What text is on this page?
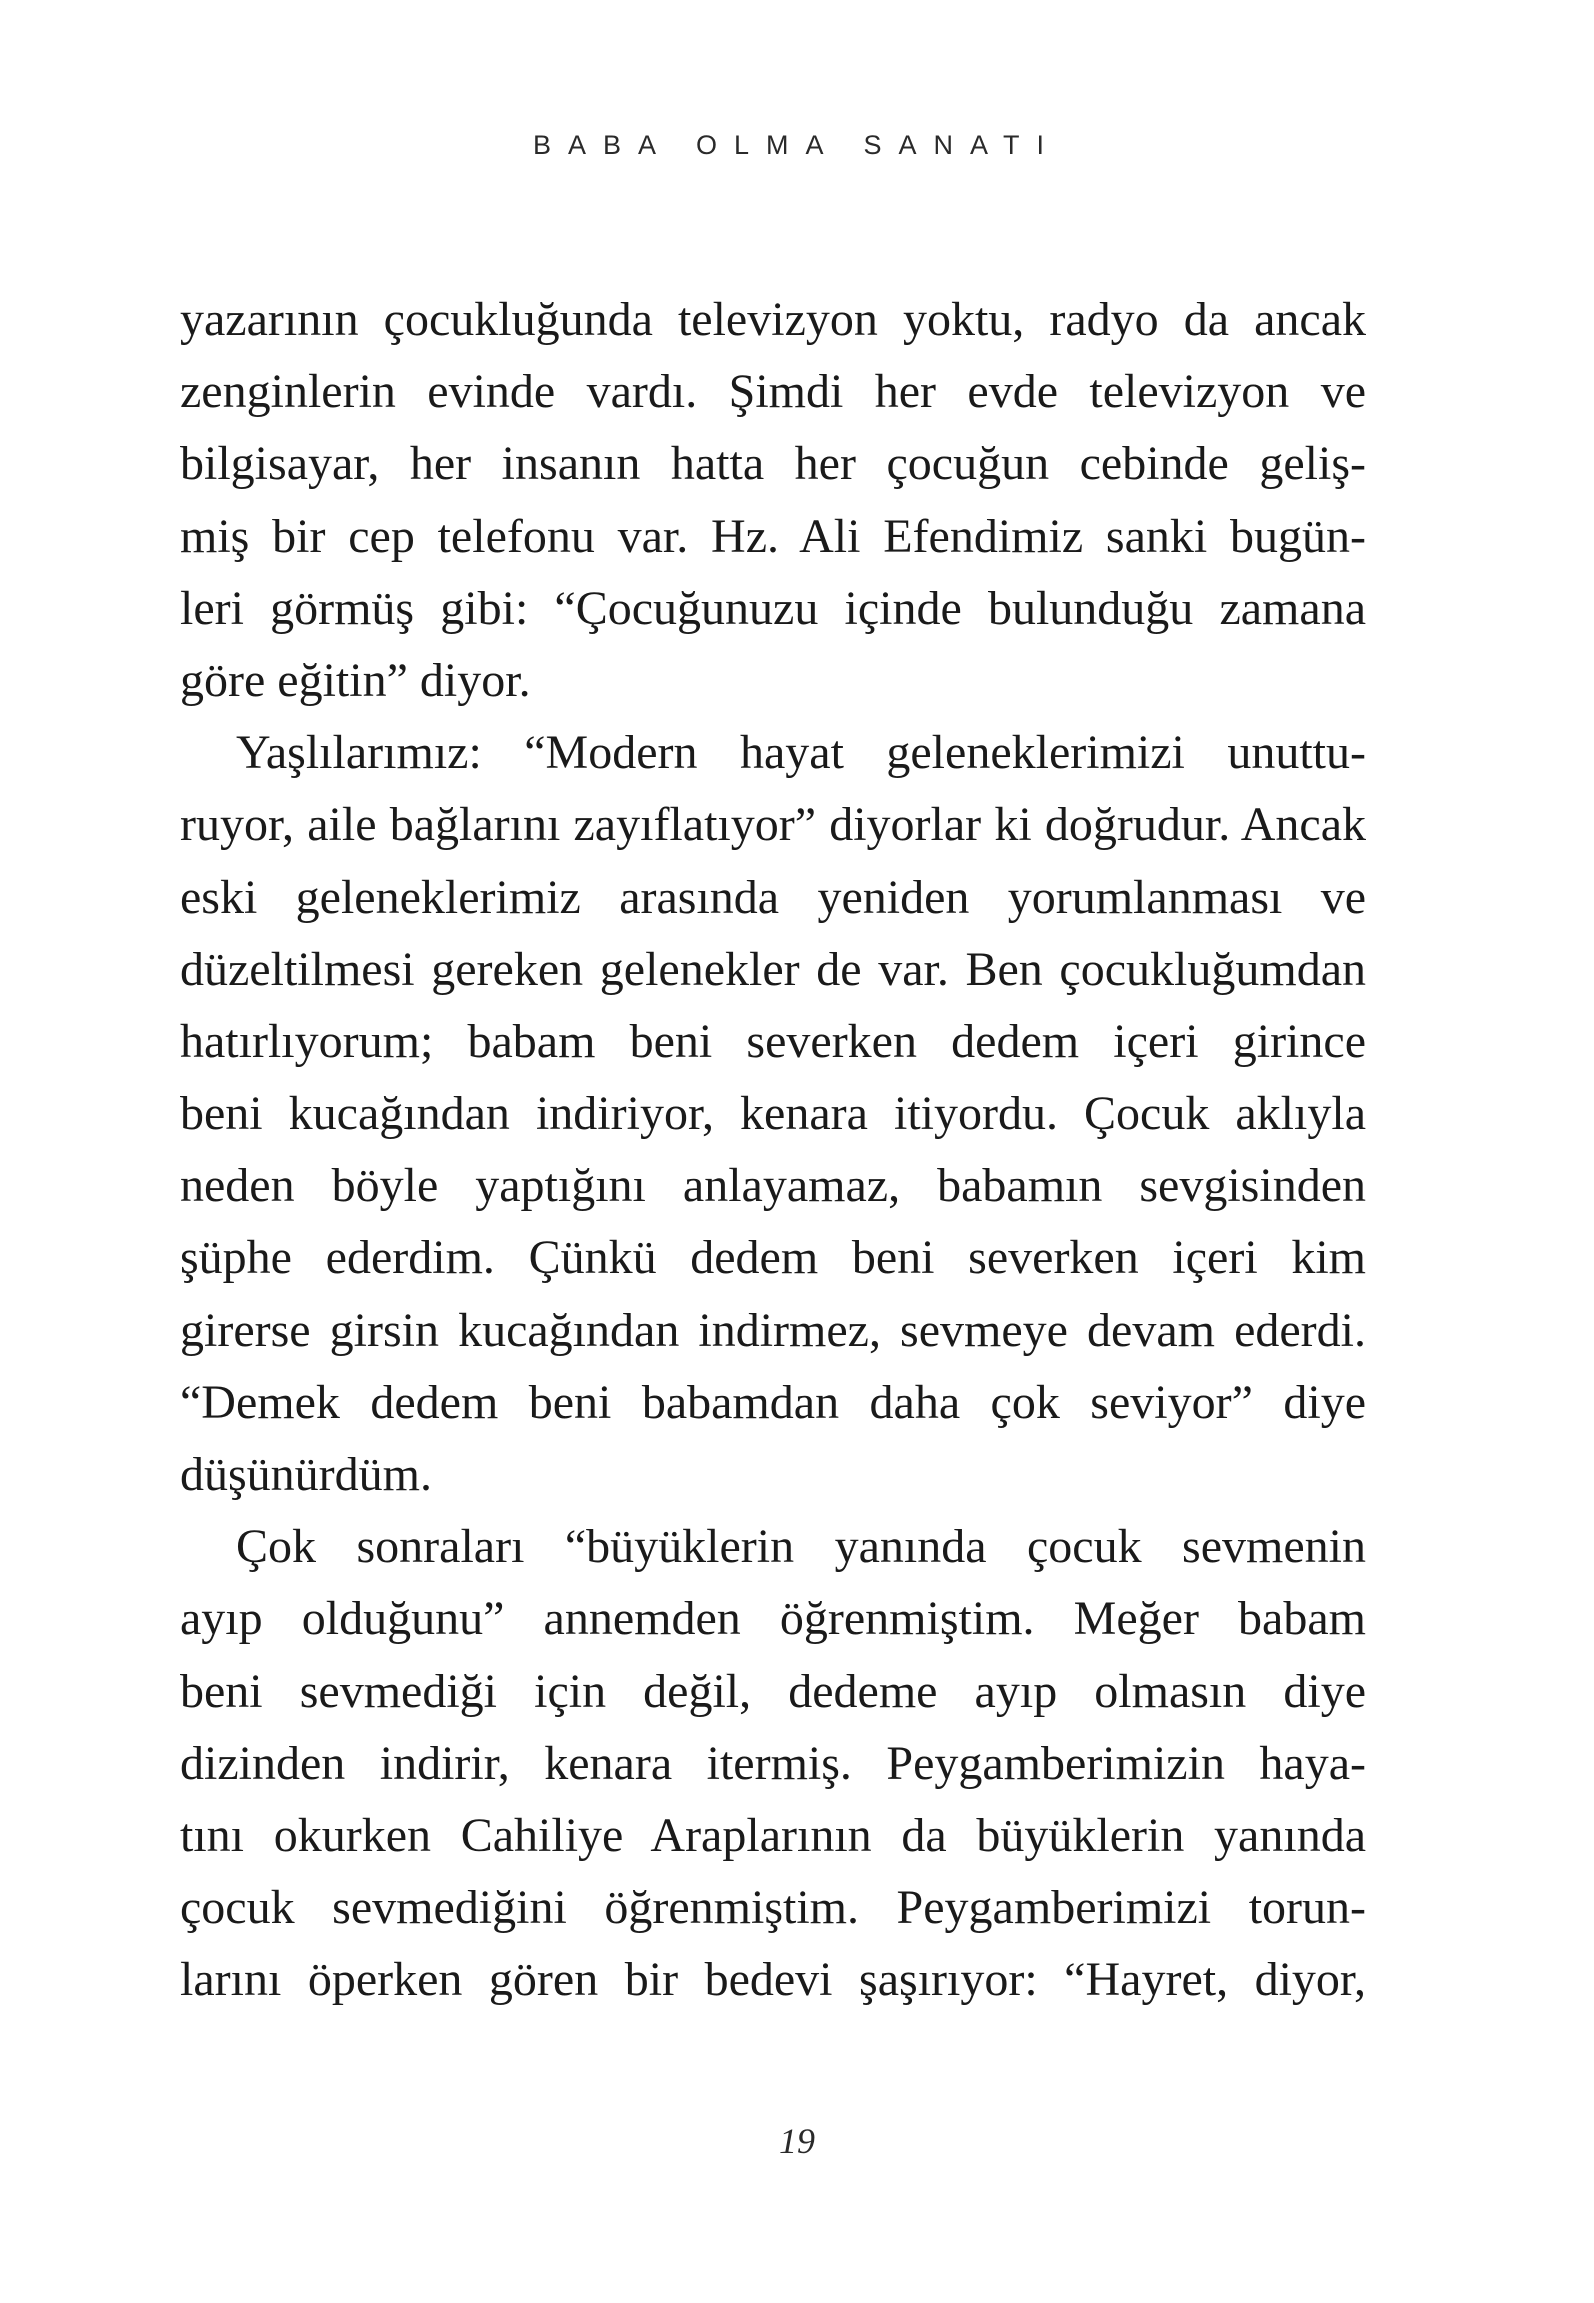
BABA OLMA SANATI
yazarının çocukluğunda televizyon yoktu, radyo da ancak
zenginlerin evinde vardı. Şimdi her evde televizyon ve
bilgisayar, her insanın hatta her çocuğun cebinde geliş-
miş bir cep telefonu var. Hz. Ali Efendimiz sanki bugün-
leri görmüş gibi: “Çocuğunuzu içinde bulunduğu zamana
göre eğitin” diyor.
Yaşlılarımız: “Modern hayat geleneklerimizi unuttu-
ruyor, aile bağlarını zayıflatıyor” diyorlar ki doğrudur. Ancak
eski geleneklerimiz arasında yeniden yorumlanması ve
düzeltilmesi gereken gelenekler de var. Ben çocukluğumdan
hatırlıyorum; babam beni severken dedem içeri girince
beni kucağından indiriyor, kenara itiyordu. Çocuk aklıyla
neden böyle yaptığını anlayamaz, babamın sevgisinden
şüphe ederdim. Çünkü dedem beni severken içeri kim
girerse girsin kucağından indirmez, sevmeye devam ederdi.
“Demek dedem beni babamdan daha çok seviyor” diye
düşünürdüm.
Çok sonraları “büyüklerin yanında çocuk sevmenin
ayıp olduğunu” annemden öğrenmiştim. Meğer babam
beni sevmediği için değil, dedeme ayıp olmasın diye
dizinden indirir, kenara itermiş. Peygamberimizin haya-
tını okurken Cahiliye Araplarının da büyüklerin yanında
çocuk sevmediğini öğrenmiştim. Peygamberimizi torun-
larını öperken gören bir bedevi şaşırıyor: “Hayret, diyor,
19
